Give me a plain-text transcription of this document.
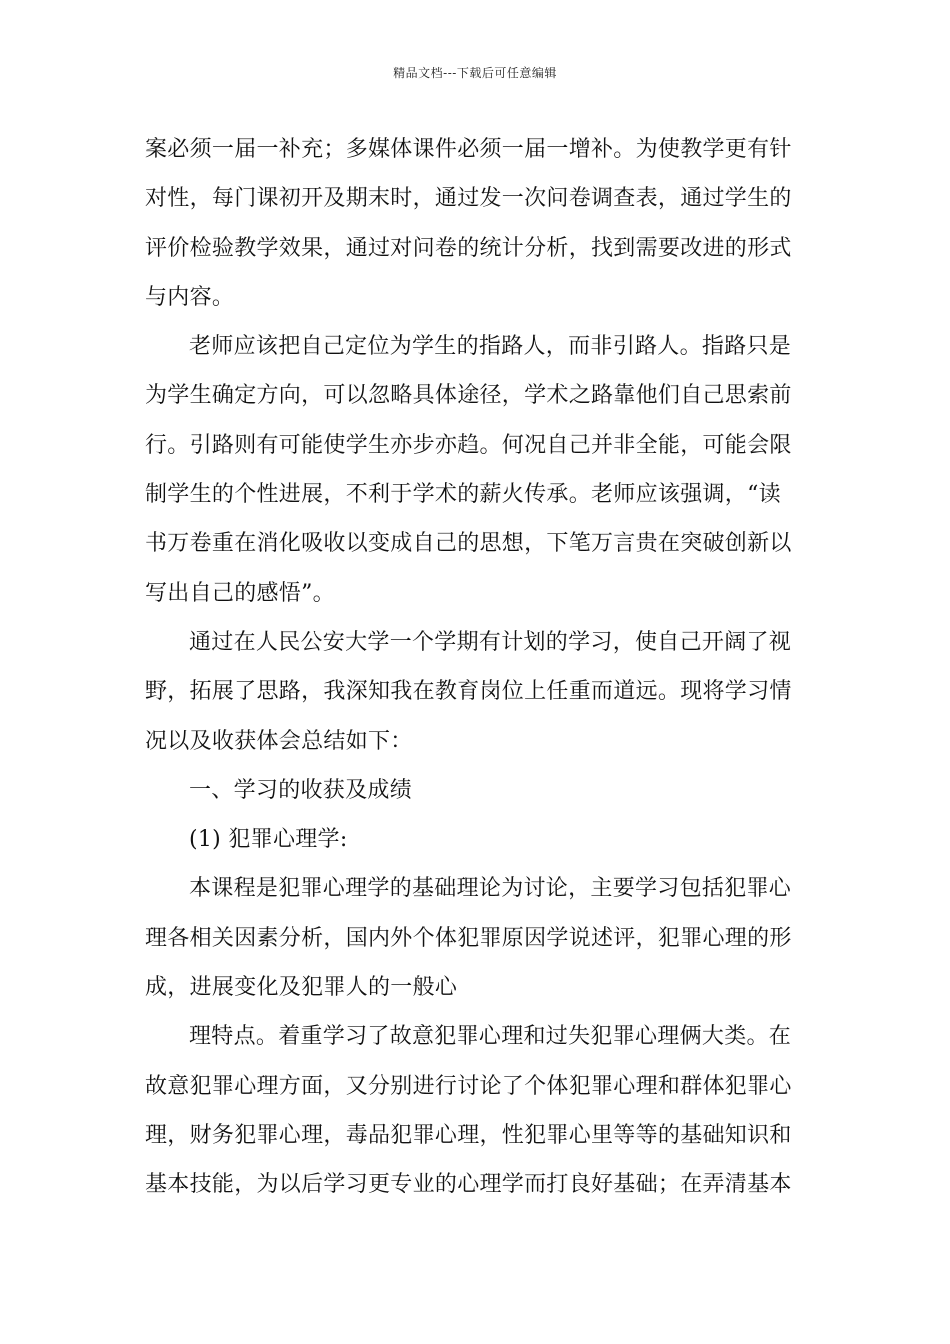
精品文档---下载后可任意编辑
案必须一届一补充；多媒体课件必须一届一增补。为使教学更有针
对性，每门课初开及期末时，通过发一次问卷调查表，通过学生的
评价检验教学效果，通过对问卷的统计分析，找到需要改进的形式
与内容。
老师应该把自己定位为学生的指路人，而非引路人。指路只是
为学生确定方向，可以忽略具体途径，学术之路靠他们自己思索前
行。引路则有可能使学生亦步亦趋。何况自己并非全能，可能会限
制学生的个性进展，不利于学术的薪火传承。老师应该强调，“读
书万卷重在消化吸收以变成自己的思想，下笔万言贵在突破创新以
写出自己的感悟”。
通过在人民公安大学一个学期有计划的学习，使自己开阔了视
野，拓展了思路，我深知我在教育岗位上任重而道远。现将学习情
况以及收获体会总结如下：
一、学习的收获及成绩
(1) 犯罪心理学:
本课程是犯罪心理学的基础理论为讨论，主要学习包括犯罪心
理各相关因素分析，国内外个体犯罪原因学说述评，犯罪心理的形
成，进展变化及犯罪人的一般心
理特点。着重学习了故意犯罪心理和过失犯罪心理俩大类。在
故意犯罪心理方面，又分别进行讨论了个体犯罪心理和群体犯罪心
理，财务犯罪心理，毒品犯罪心理，性犯罪心里等等的基础知识和
基本技能，为以后学习更专业的心理学而打良好基础；在弄清基本
